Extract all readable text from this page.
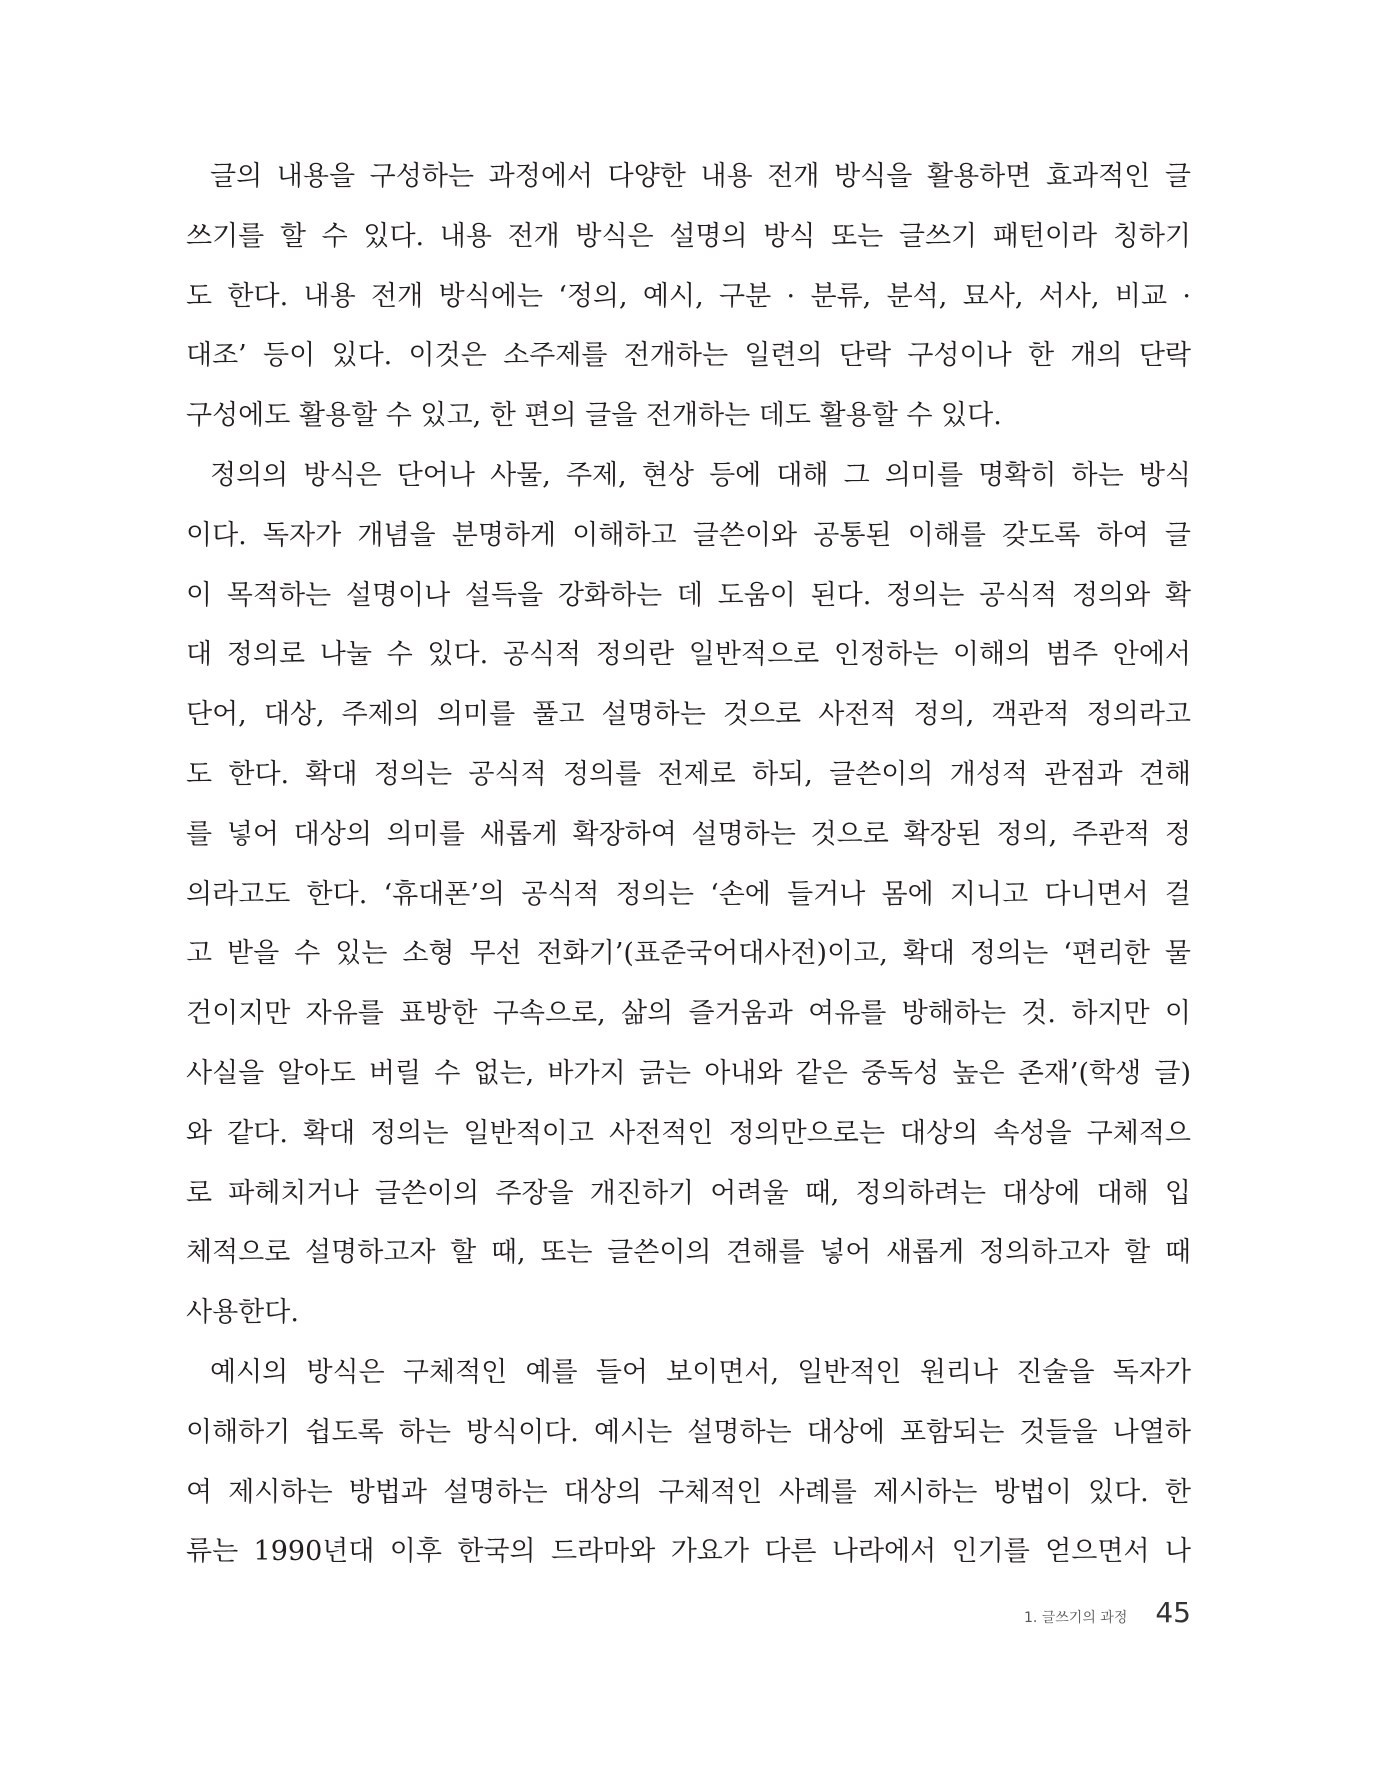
글의 내용을 구성하는 과정에서 다양한 내용 전개 방식을 활용하면 효과적인 글
쓰기를 할 수 있다. 내용 전개 방식은 설명의 방식 또는 글쓰기 패턴이라 칭하기
도 한다. 내용 전개 방식에는 ‘정의, 예시, 구분 · 분류, 분석, 묘사, 서사, 비교 ·
대조’ 등이 있다. 이것은 소주제를 전개하는 일련의 단락 구성이나 한 개의 단락
구성에도 활용할 수 있고, 한 편의 글을 전개하는 데도 활용할 수 있다.
정의의 방식은 단어나 사물, 주제, 현상 등에 대해 그 의미를 명확히 하는 방식
이다. 독자가 개념을 분명하게 이해하고 글쓴이와 공통된 이해를 갖도록 하여 글
이 목적하는 설명이나 설득을 강화하는 데 도움이 된다. 정의는 공식적 정의와 확
대 정의로 나눌 수 있다. 공식적 정의란 일반적으로 인정하는 이해의 범주 안에서
단어, 대상, 주제의 의미를 풀고 설명하는 것으로 사전적 정의, 객관적 정의라고
도 한다. 확대 정의는 공식적 정의를 전제로 하되, 글쓴이의 개성적 관점과 견해
를 넣어 대상의 의미를 새롭게 확장하여 설명하는 것으로 확장된 정의, 주관적 정
의라고도 한다. ‘휴대폰’의 공식적 정의는 ‘손에 들거나 몸에 지니고 다니면서 걸
고 받을 수 있는 소형 무선 전화기’(표준국어대사전)이고, 확대 정의는 ‘편리한 물
건이지만 자유를 표방한 구속으로, 삶의 즐거움과 여유를 방해하는 것. 하지만 이
사실을 알아도 버릴 수 없는, 바가지 긁는 아내와 같은 중독성 높은 존재’(학생 글)
와 같다. 확대 정의는 일반적이고 사전적인 정의만으로는 대상의 속성을 구체적으
로 파헤치거나 글쓴이의 주장을 개진하기 어려울 때, 정의하려는 대상에 대해 입
체적으로 설명하고자 할 때, 또는 글쓴이의 견해를 넣어 새롭게 정의하고자 할 때
사용한다.
예시의 방식은 구체적인 예를 들어 보이면서, 일반적인 원리나 진술을 독자가
이해하기 쉽도록 하는 방식이다. 예시는 설명하는 대상에 포함되는 것들을 나열하
여 제시하는 방법과 설명하는 대상의 구체적인 사례를 제시하는 방법이 있다. 한
류는 1990년대 이후 한국의 드라마와 가요가 다른 나라에서 인기를 얻으면서 나
1. 글쓰기의 과정 45
